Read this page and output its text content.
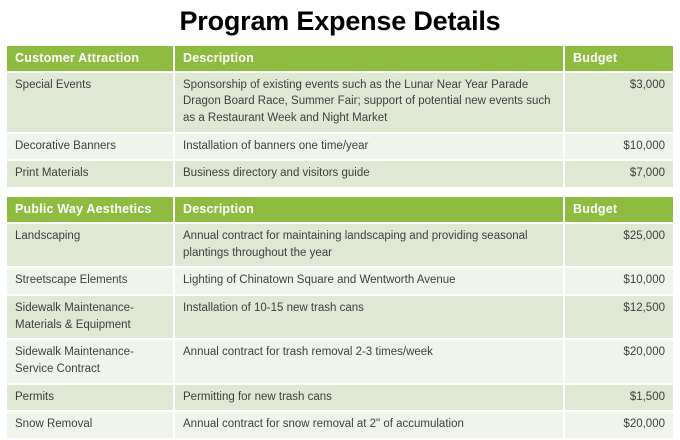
Program Expense Details
Customer Attraction	Description	Budget
Special Events	Sponsorship of existing events such as the Lunar Near Year Parade Dragon Board Race, Summer Fair; support of potential new events such as a Restaurant Week and Night Market	$3,000
Decorative Banners	Installation of banners one time/year	$10,000
Print Materials	Business directory and visitors guide	$7,000
Public Way Aesthetics	Description	Budget
Landscaping	Annual contract for maintaining landscaping and providing seasonal plantings throughout the year	$25,000
Streetscape Elements	Lighting of Chinatown Square and Wentworth Avenue	$10,000
Sidewalk Maintenance- Materials & Equipment	Installation of 10-15 new trash cans	$12,500
Sidewalk Maintenance- Service Contract	Annual contract for trash removal 2-3 times/week	$20,000
Permits	Permitting for new trash cans	$1,500
Snow Removal	Annual contract for snow removal at 2" of accumulation	$20,000
